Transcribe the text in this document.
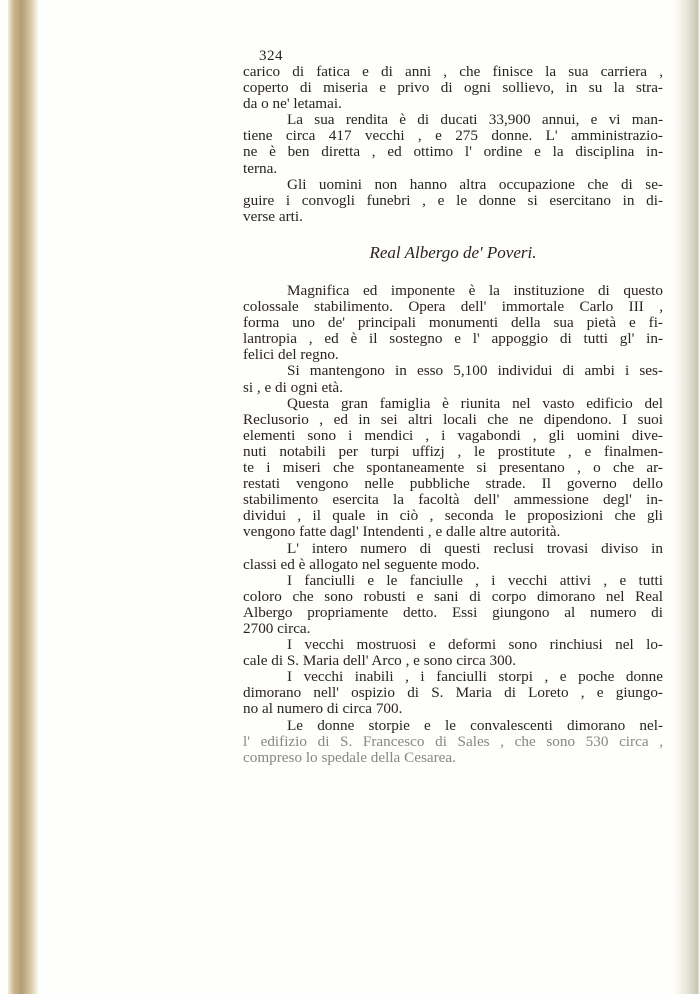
324
carico di fatica e di anni , che finisce la sua carriera ,
coperto di miseria e privo di ogni sollievo, in su la stra-
da o ne' letamai.
La sua rendita è di ducati 33,900 annui, e vi man-
tiene circa 417 vecchi , e 275 donne. L' amministrazio-
ne è ben diretta , ed ottimo l' ordine e la disciplina in-
terna.
Gli uomini non hanno altra occupazione che di se-
guire i convogli funebri , e le donne si esercitano in di-
verse arti.
Real Albergo de' Poveri.
Magnifica ed imponente è la instituzione di questo
colossale stabilimento. Opera dell' immortale Carlo III ,
forma uno de' principali monumenti della sua pietà e fi-
lantropia , ed è il sostegno e l' appoggio di tutti gl' in-
felici del regno.
Si mantengono in esso 5,100 individui di ambi i ses-
si , e di ogni età.
Questa gran famiglia è riunita nel vasto edificio del
Reclusorio , ed in sei altri locali che ne dipendono. I suoi
elementi sono i mendici , i vagabondi , gli uomini dive-
nuti notabili per turpi uffizj , le prostitute , e finalmen-
te i miseri che spontaneamente si presentano , o che ar-
restati vengono nelle pubbliche strade. Il governo dello
stabilimento esercita la facoltà dell' ammessione degl' in-
dividui , il quale in ciò , seconda le proposizioni che gli
vengono fatte dagl' Intendenti , e dalle altre autorità.
L' intero numero di questi reclusi trovasi diviso in
classi ed è allogato nel seguente modo.
I fanciulli e le fanciulle , i vecchi attivi , e tutti
coloro che sono robusti e sani di corpo dimorano nel Real
Albergo propriamente detto. Essi giungono al numero di
2700 circa.
I vecchi mostruosi e deformi sono rinchiusi nel lo-
cale di S. Maria dell' Arco , e sono circa 300.
I vecchi inabili , i fanciulli storpi , e poche donne
dimorano nell' ospizio di S. Maria di Loreto , e giungo-
no al numero di circa 700.
Le donne storpie e le convalescenti dimorano nel-
l' edifizio di S. Francesco di Sales , che sono 530 circa ,
compreso lo spedale della Cesarea.
